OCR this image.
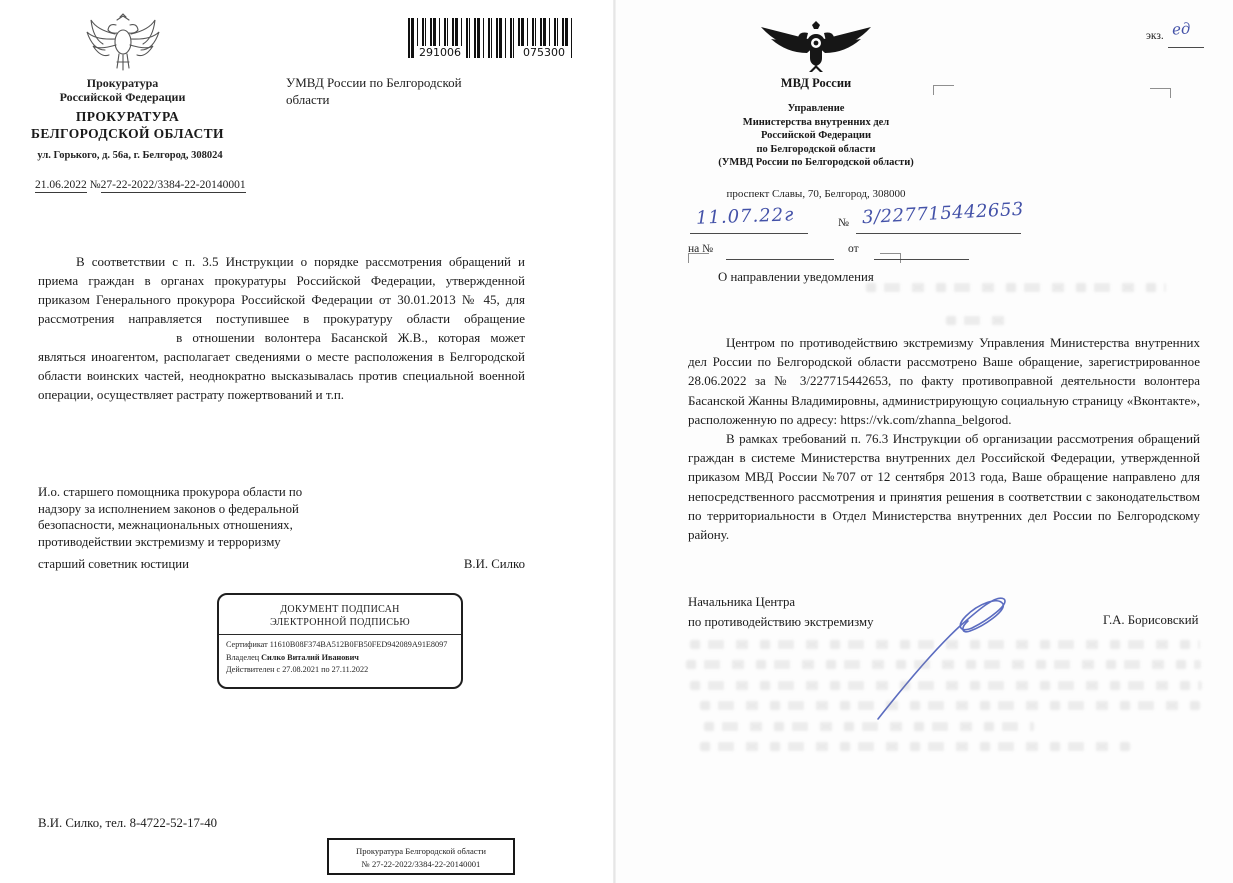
Прокуратура
Российской Федерации
ПРОКУРАТУРА
БЕЛГОРОДСКОЙ ОБЛАСТИ
ул. Горького, д. 56а, г. Белгород, 308024
21.06.2022 №27-22-2022/3384-22-20140001
291006	075300
УМВД России по Белгородской
области

В соответствии с п. 3.5 Инструкции о порядке рассмотрения обращений и приема граждан в органах прокуратуры Российской Федерации, утвержденной приказом Генерального прокурора Российской Федерации от 30.01.2013 № 45, для рассмотрения направляется поступившее в прокуратуру области обращение  в отношении волонтера Басанской Ж.В., которая может являться иноагентом, располагает сведениями о месте расположения в Белгородской области воинских частей, неоднократно высказывалась против специальной военной операции, осуществляет растрату пожертвований и т.п.

И.о. старшего помощника прокурора области по
надзору за исполнением законов о федеральной
безопасности, межнациональных отношениях,
противодействии экстремизму и терроризму
старший советник юстиции	В.И. Силко
ДОКУМЕНТ ПОДПИСАН
ЭЛЕКТРОННОЙ ПОДПИСЬЮ
Сертификат 11610B08F374BA512B0FB50FED942089A91E8097
Владелец Силко Виталий Иванович
Действителен с 27.08.2021 по 27.11.2022
В.И. Силко, тел. 8-4722-52-17-40
Прокуратура Белгородской области
№ 27-22-2022/3384-22-20140001
экз. ед
МВД России
Управление
Министерства внутренних дел
Российской Федерации
по Белгородской области
(УМВД России по Белгородской области)
проспект Славы, 70, Белгород, 308000
11.07.22г	№ 3/227715442653
на №	от
О направлении уведомления

Центром по противодействию экстремизму Управления Министерства внутренних дел России по Белгородской области рассмотрено Ваше обращение, зарегистрированное 28.06.2022 за № 3/227715442653, по факту противоправной деятельности волонтера Басанской Жанны Владимировны, администрирующую социальную страницу «Вконтакте», расположенную по адресу: https://vk.com/zhanna_belgorod.

В рамках требований п. 76.3 Инструкции об организации рассмотрения обращений граждан в системе Министерства внутренних дел Российской Федерации, утвержденной приказом МВД России №707 от 12 сентября 2013 года, Ваше обращение направлено для непосредственного рассмотрения и принятия решения в соответствии с законодательством по территориальности в Отдел Министерства внутренних дел России по Белгородскому району.

Начальника Центра
по противодействию экстремизму	Г.А. Борисовский
